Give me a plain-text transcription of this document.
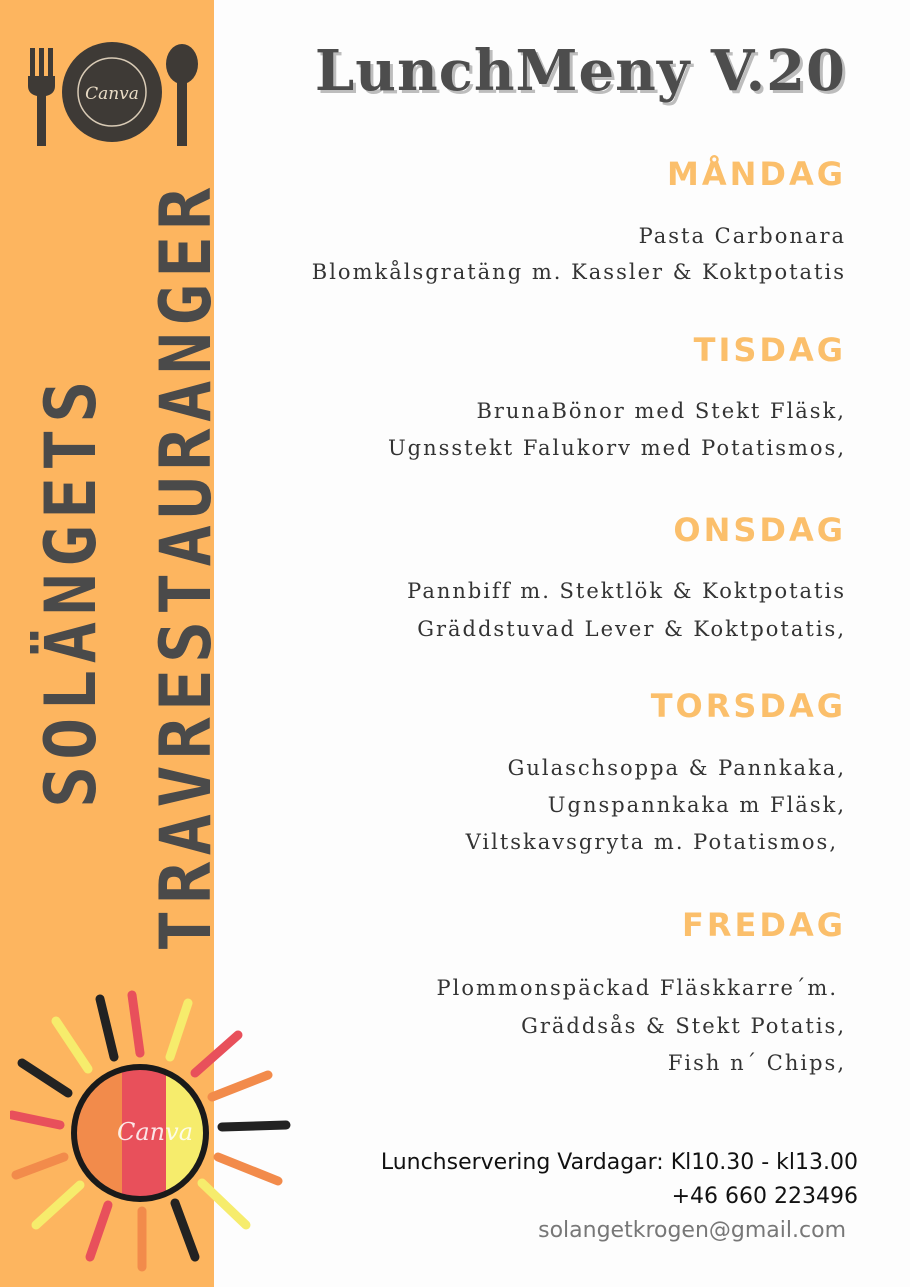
Canva
SOLÄNGETS TRAVRESTAURANGER
Canva
LunchMeny V.20
MÅNDAG
Pasta Carbonara
Blomkålsgratäng m. Kassler & Koktpotatis
TISDAG
BrunaBönor med Stekt Fläsk,
Ugnsstekt Falukorv med Potatismos,
ONSDAG
Pannbiff m. Stektlök & Koktpotatis
Gräddstuvad Lever & Koktpotatis,
TORSDAG
Gulaschsoppa & Pannkaka,
Ugnspannkaka m Fläsk,
Viltskavsgryta m. Potatismos,
FREDAG
Plommonspäckad Fläskkarre´m.
Gräddsås & Stekt Potatis,
Fish n´ Chips,
Lunchservering Vardagar: Kl10.30 - kl13.00
+46 660 223496
solangetkrogen@gmail.com
